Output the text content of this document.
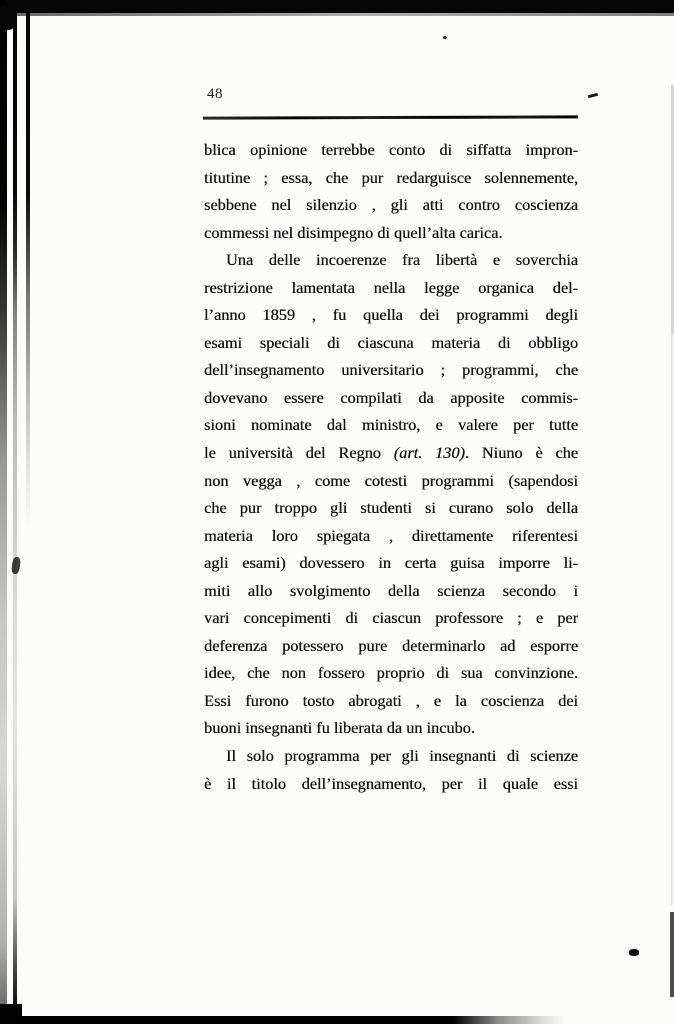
48
blica opinione terrebbe conto di siffatta impron-
titutine ; essa, che pur redarguisce solennemente,
sebbene nel silenzio , gli atti contro coscienza
commessi nel disimpegno di quell’alta carica.
Una delle incoerenze fra libertà e soverchia
restrizione lamentata nella legge organica del-
l’anno 1859 , fu quella dei programmi degli
esami speciali di ciascuna materia di obbligo
dell’insegnamento universitario ; programmi, che
dovevano essere compilati da apposite commis-
sioni nominate dal ministro, e valere per tutte
le università del Regno (art. 130). Niuno è che
non vegga , come cotesti programmi (sapendosi
che pur troppo gli studenti si curano solo della
materia loro spiegata , direttamente riferentesi
agli esami) dovessero in certa guisa imporre li-
miti allo svolgimento della scienza secondo i
vari concepimenti di ciascun professore ; e per
deferenza potessero pure determinarlo ad esporre
idee, che non fossero proprio di sua convinzione.
Essi furono tosto abrogati , e la coscienza dei
buoni insegnanti fu liberata da un incubo.
Il solo programma per gli insegnanti di scienze
è il titolo dell’insegnamento, per il quale essi
